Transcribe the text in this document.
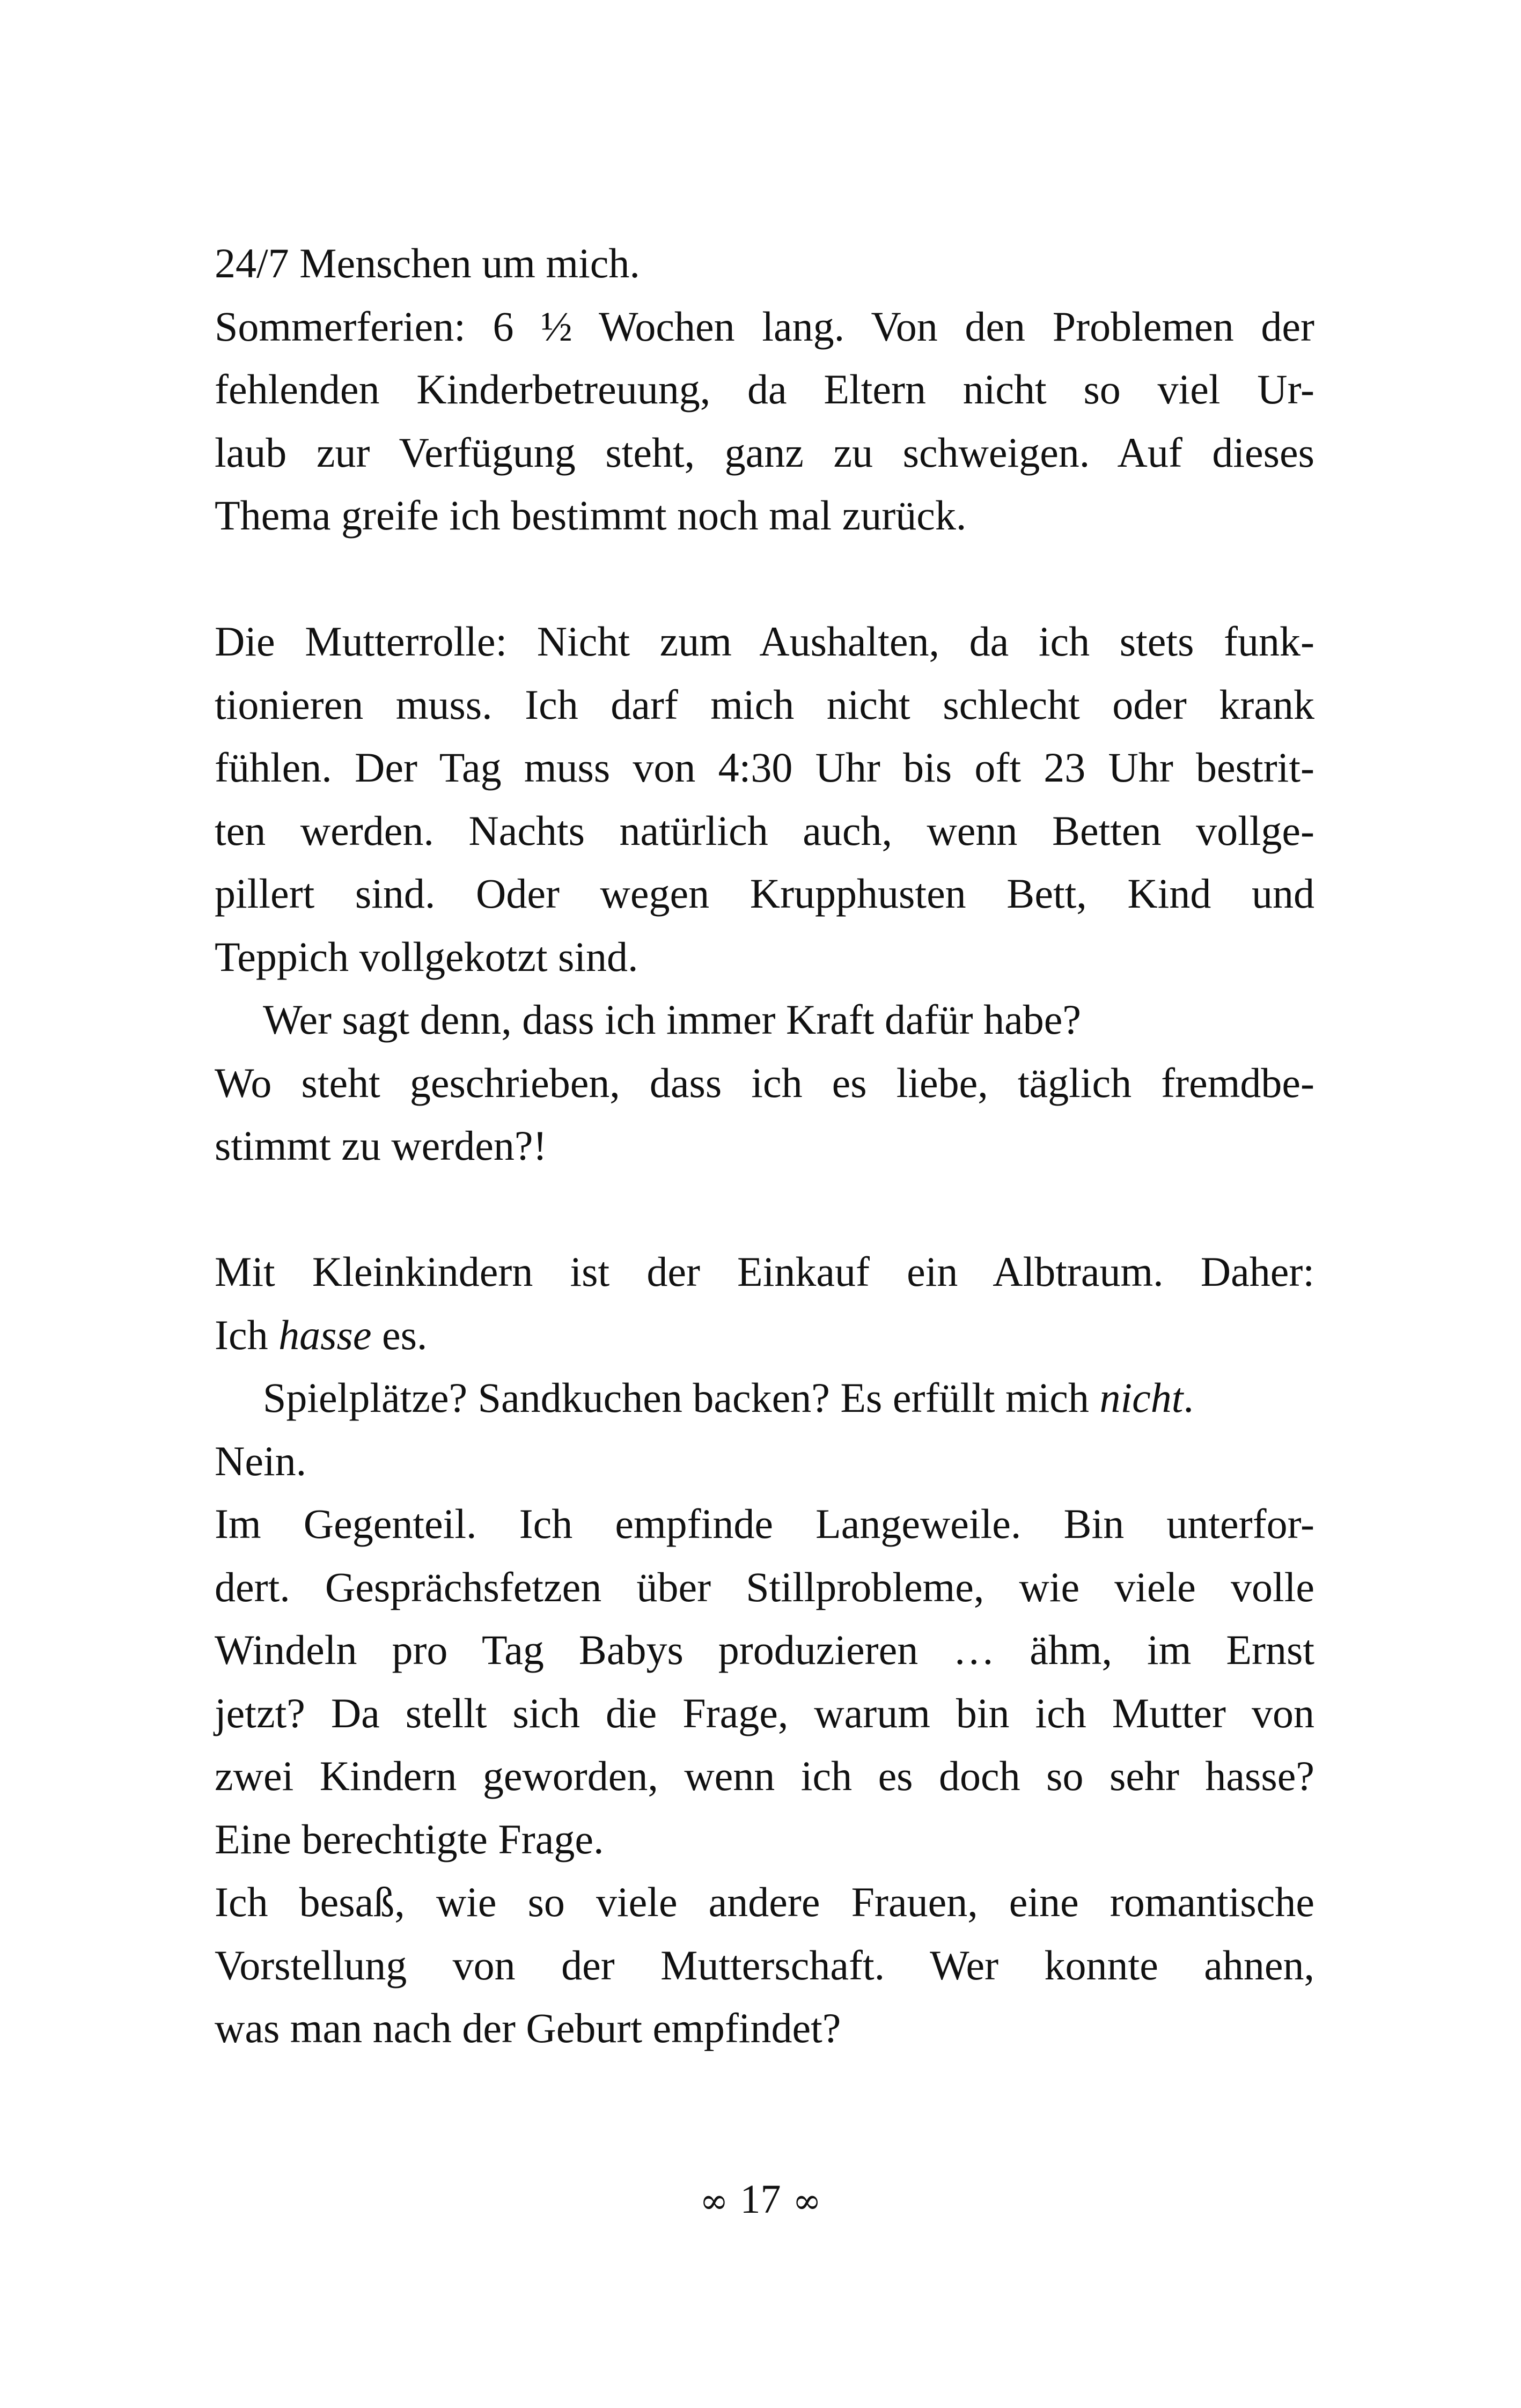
24/7 Menschen um mich.
Sommerferien: 6 ½ Wochen lang. Von den Problemen der
fehlenden Kinderbetreuung, da Eltern nicht so viel Ur-
laub zur Verfügung steht, ganz zu schweigen. Auf dieses
Thema greife ich bestimmt noch mal zurück.
Die Mutterrolle: Nicht zum Aushalten, da ich stets funk-
tionieren muss. Ich darf mich nicht schlecht oder krank
fühlen. Der Tag muss von 4:30 Uhr bis oft 23 Uhr bestrit-
ten werden. Nachts natürlich auch, wenn Betten vollge-
pillert sind. Oder wegen Krupphusten Bett, Kind und
Teppich vollgekotzt sind.
Wer sagt denn, dass ich immer Kraft dafür habe?
Wo steht geschrieben, dass ich es liebe, täglich fremdbe-
stimmt zu werden?!
Mit Kleinkindern ist der Einkauf ein Albtraum. Daher:
Ich hasse es.
Spielplätze? Sandkuchen backen? Es erfüllt mich nicht.
Nein.
Im Gegenteil. Ich empfinde Langeweile. Bin unterfor-
dert. Gesprächsfetzen über Stillprobleme, wie viele volle
Windeln pro Tag Babys produzieren … ähm, im Ernst
jetzt? Da stellt sich die Frage, warum bin ich Mutter von
zwei Kindern geworden, wenn ich es doch so sehr hasse?
Eine berechtigte Frage.
Ich besaß, wie so viele andere Frauen, eine romantische
Vorstellung von der Mutterschaft. Wer konnte ahnen,
was man nach der Geburt empfindet?
∞ 17 ∞
